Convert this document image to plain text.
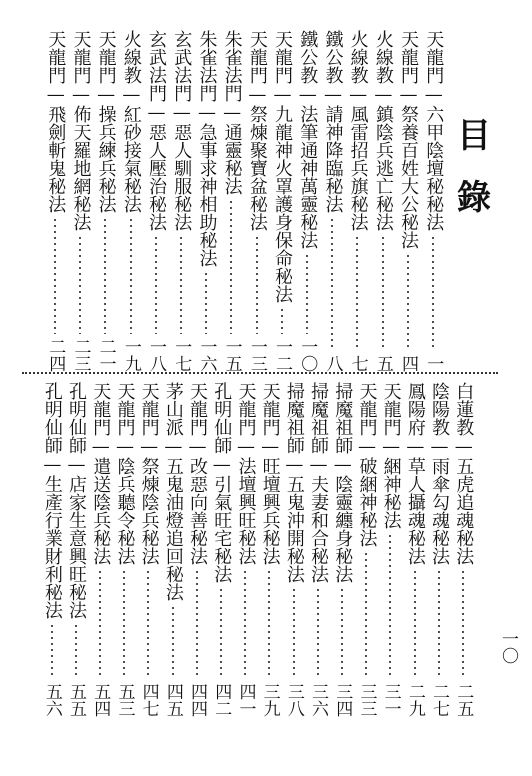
目
錄
天龍門—六甲陰壇秘秘法
一
天龍門—祭養百姓大公秘法
四
火線教—鎮陰兵逃亡秘法
五
火線教—風雷招兵旗秘法
七
鐵公教—請神降臨秘法
八
鐵公教—法筆通神萬靈秘法
一〇
天龍門—九龍神火罩護身保命秘法
一二
天龍門—祭煉聚寶盆秘法
一三
朱雀法門—通靈秘法
一五
朱雀法門—急事求神相助秘法
一六
玄武法門—惡人馴服秘法
一七
玄武法門—惡人壓治秘法
一八
火線教—紅砂接氣秘法
一九
天龍門—操兵練兵秘法
二一
天龍門—佈天羅地網秘法
二三
天龍門—飛劍斬鬼秘法
二四
白蓮教—五虎追魂秘法
二五
陰陽教—雨傘勾魂秘法
二七
鳳陽府—草人攝魂秘法
二九
天龍門—綑神秘法
三一
天龍門—破綑神秘法
三三
掃魔祖師—陰靈纏身秘法
三四
掃魔祖師—夫妻和合秘法
三六
掃魔祖師—五鬼沖開秘法
三八
天龍門—旺壇興兵秘法
三九
天龍門—法壇興旺秘法
四一
孔明仙師—引氣旺宅秘法
四二
天龍門—改惡向善秘法
四四
茅山派—五鬼油燈追回秘法
四五
天龍門—祭煉陰兵秘法
四七
天龍門—陰兵聽令秘法
五三
天龍門—遣送陰兵秘法
五四
孔明仙師—店家生意興旺秘法
五五
孔明仙師—生產行業財利秘法
五六
一〇
